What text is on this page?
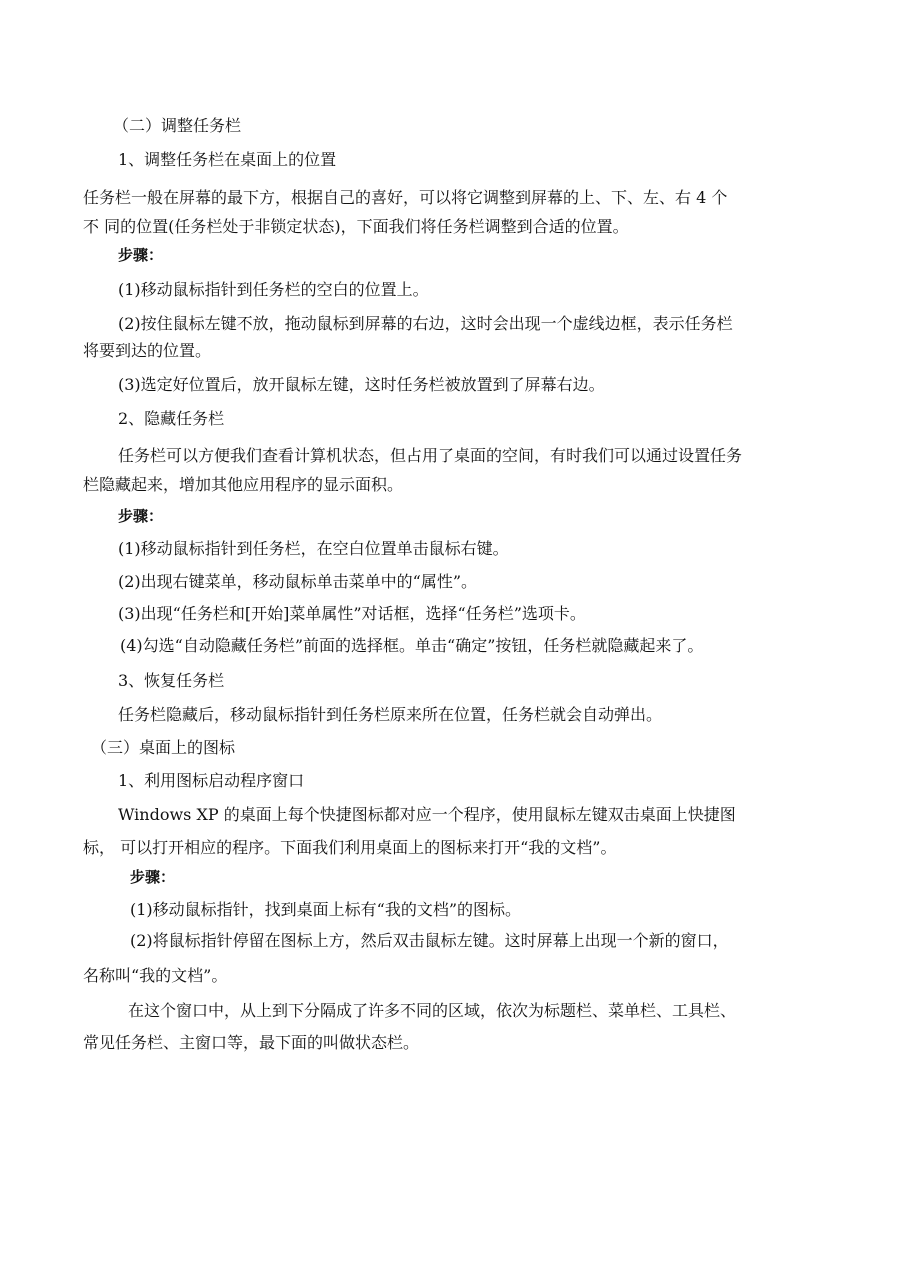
（二）调整任务栏
1、调整任务栏在桌面上的位置
任务栏一般在屏幕的最下方，根据自己的喜好，可以将它调整到屏幕的上、下、左、右 4 个
不 同的位置(任务栏处于非锁定状态)，下面我们将任务栏调整到合适的位置。
步骤：
(1)移动鼠标指针到任务栏的空白的位置上。
(2)按住鼠标左键不放，拖动鼠标到屏幕的右边，这时会出现一个虚线边框，表示任务栏
将要到达的位置。
(3)选定好位置后，放开鼠标左键，这时任务栏被放置到了屏幕右边。
2、隐藏任务栏
任务栏可以方便我们查看计算机状态，但占用了桌面的空间，有时我们可以通过设置任务
栏隐藏起来，增加其他应用程序的显示面积。
步骤：
(1)移动鼠标指针到任务栏，在空白位置单击鼠标右键。
(2)出现右键菜单，移动鼠标单击菜单中的“属性”。
(3)出现“任务栏和[开始]菜单属性”对话框，选择“任务栏”选项卡。
(4)勾选“自动隐藏任务栏”前面的选择框。单击“确定”按钮，任务栏就隐藏起来了。
3、恢复任务栏
任务栏隐藏后，移动鼠标指针到任务栏原来所在位置，任务栏就会自动弹出。
（三）桌面上的图标
1、利用图标启动程序窗口
Windows XP 的桌面上每个快捷图标都对应一个程序，使用鼠标左键双击桌面上快捷图
标， 可以打开相应的程序。下面我们利用桌面上的图标来打开“我的文档”。
步骤：
(1)移动鼠标指针，找到桌面上标有“我的文档”的图标。
(2)将鼠标指针停留在图标上方，然后双击鼠标左键。这时屏幕上出现一个新的窗口，
名称叫“我的文档”。
在这个窗口中，从上到下分隔成了许多不同的区域，依次为标题栏、菜单栏、工具栏、
常见任务栏、主窗口等，最下面的叫做状态栏。
